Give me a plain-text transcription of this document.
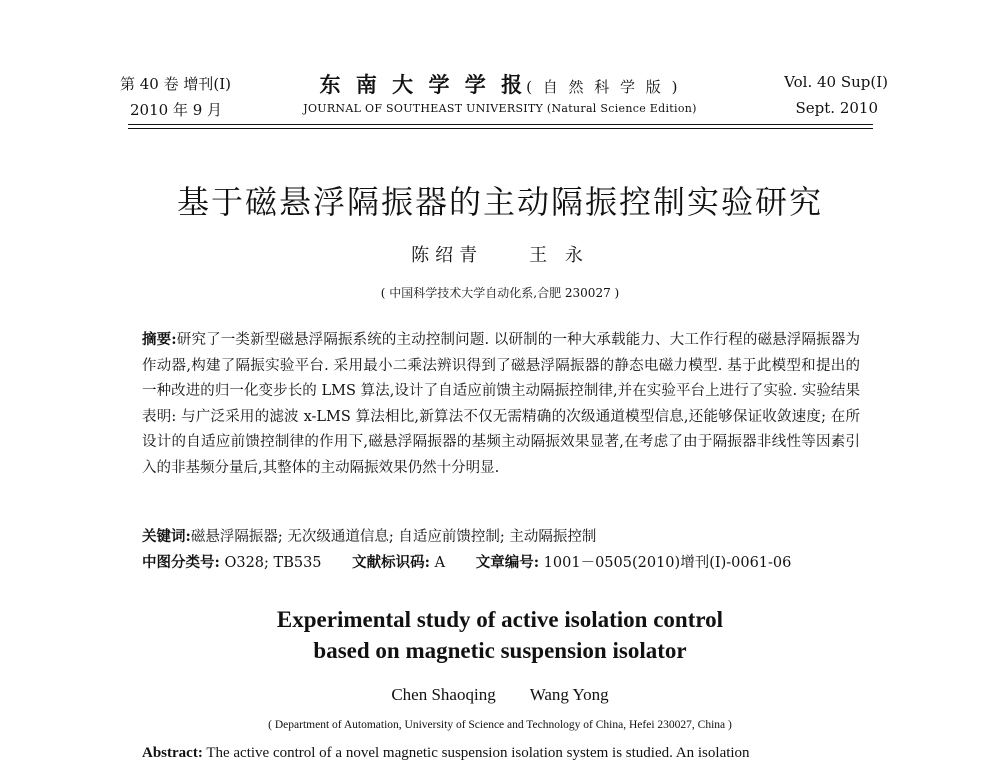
第 40 卷 增刊(Ⅰ)
2010 年 9 月
东 南 大 学 学 报( 自 然 科 学 版 )
JOURNAL OF SOUTHEAST UNIVERSITY (Natural Science Edition)
Vol. 40 Sup(Ⅰ)
Sept. 2010
基于磁悬浮隔振器的主动隔振控制实验研究
陈绍青	王 永
( 中国科学技术大学自动化系,合肥 230027 )
摘要:研究了一类新型磁悬浮隔振系统的主动控制问题. 以研制的一种大承载能力、大工作行程的磁悬浮隔振器为作动器,构建了隔振实验平台. 采用最小二乘法辨识得到了磁悬浮隔振器的静态电磁力模型. 基于此模型和提出的一种改进的归一化变步长的 LMS 算法,设计了自适应前馈主动隔振控制律,并在实验平台上进行了实验. 实验结果表明: 与广泛采用的滤波 x-LMS 算法相比,新算法不仅无需精确的次级通道模型信息,还能够保证收敛速度; 在所设计的自适应前馈控制律的作用下,磁悬浮隔振器的基频主动隔振效果显著,在考虑了由于隔振器非线性等因素引入的非基频分量后,其整体的主动隔振效果仍然十分明显.
关键词:磁悬浮隔振器; 无次级通道信息; 自适应前馈控制; 主动隔振控制
中图分类号: O328; TB535 文献标识码: A 文章编号: 1001－0505(2010)增刊(Ⅰ)-0061-06
Experimental study of active isolation control
based on magnetic suspension isolator
Chen Shaoqing Wang Yong
( Department of Automation, University of Science and Technology of China, Hefei 230027, China )
Abstract: The active control of a novel magnetic suspension isolation system is studied. An isolation
